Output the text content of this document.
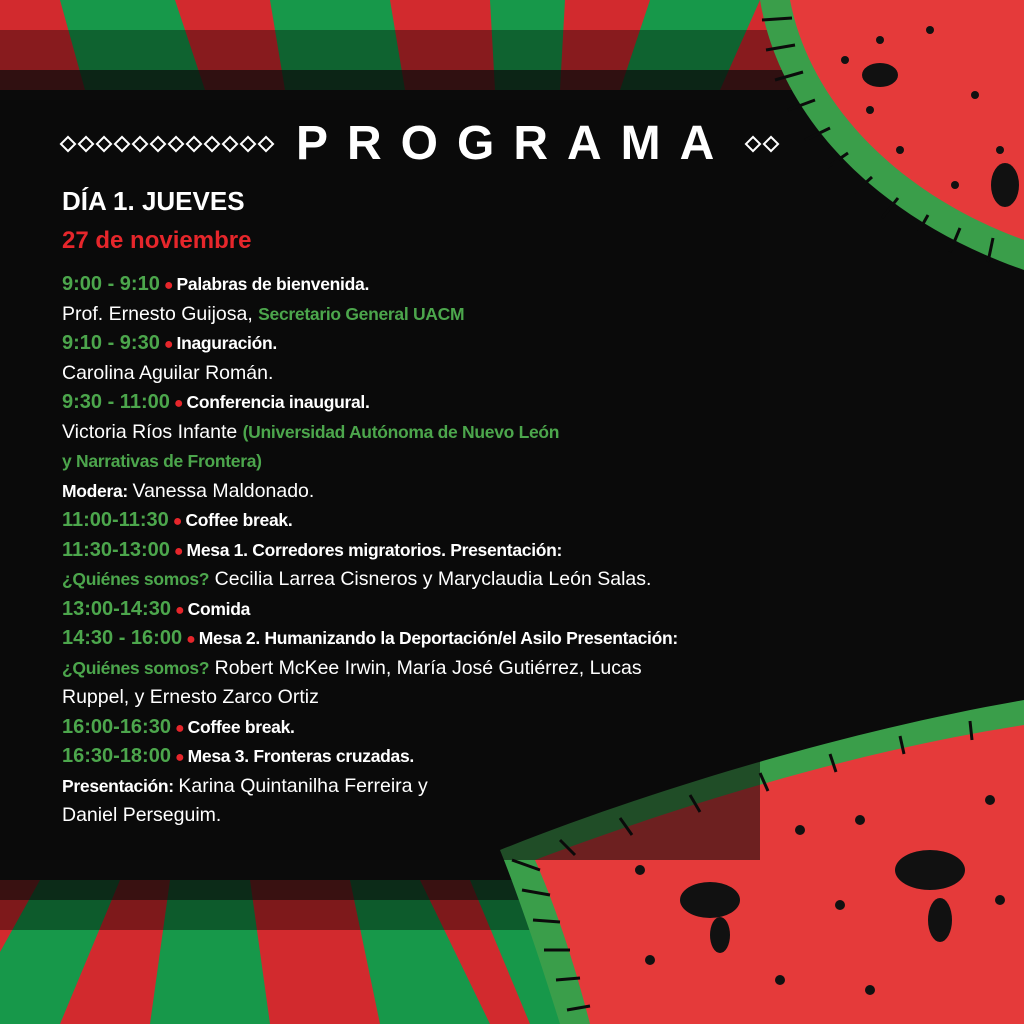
PROGRAMA
DÍA 1. JUEVES
27 de noviembre
9:00 - 9:10 ● Palabras de bienvenida.
Prof. Ernesto Guijosa, Secretario General UACM
9:10 - 9:30 ● Inaguración.
Carolina Aguilar Román.
9:30 - 11:00 ● Conferencia inaugural.
Victoria Ríos Infante (Universidad Autónoma de Nuevo León
y Narrativas de Frontera)
Modera: Vanessa Maldonado.
11:00-11:30 ● Coffee break.
11:30-13:00 ● Mesa 1. Corredores migratorios. Presentación:
¿Quiénes somos? Cecilia Larrea Cisneros y Maryclaudia León Salas.
13:00-14:30 ● Comida
14:30 - 16:00 ● Mesa 2. Humanizando la Deportación/el Asilo Presentación:
¿Quiénes somos? Robert McKee Irwin, María José Gutiérrez, Lucas
Ruppel, y Ernesto Zarco Ortiz
16:00-16:30 ● Coffee break.
16:30-18:00 ● Mesa 3. Fronteras cruzadas.
Presentación: Karina Quintanilha Ferreira y
Daniel Perseguim.
